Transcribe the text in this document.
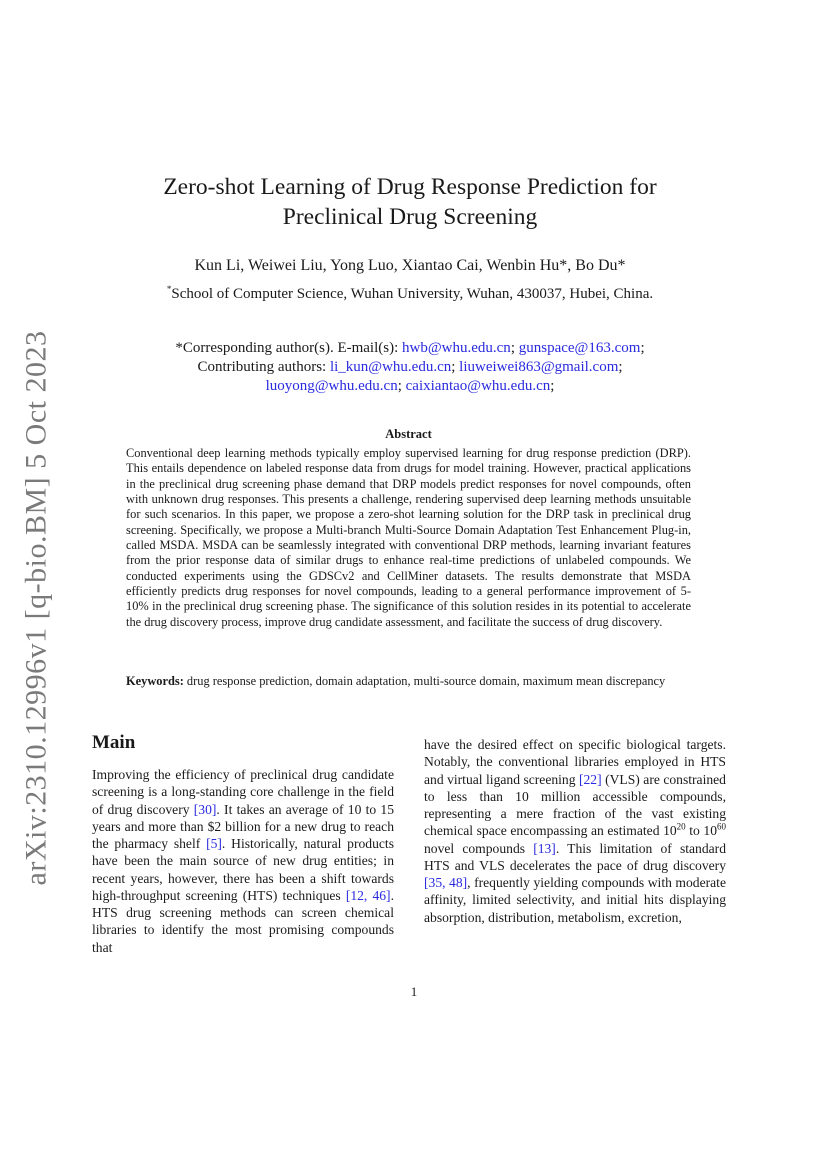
arXiv:2310.12996v1 [q-bio.BM] 5 Oct 2023
Zero-shot Learning of Drug Response Prediction for
Preclinical Drug Screening
Kun Li, Weiwei Liu, Yong Luo, Xiantao Cai, Wenbin Hu*, Bo Du*
*School of Computer Science, Wuhan University, Wuhan, 430037, Hubei, China.
*Corresponding author(s). E-mail(s): hwb@whu.edu.cn; gunspace@163.com;
Contributing authors: li_kun@whu.edu.cn; liuweiwei863@gmail.com;
luoyong@whu.edu.cn; caixiantao@whu.edu.cn;
Abstract
Conventional deep learning methods typically employ supervised learning for drug response prediction (DRP). This entails dependence on labeled response data from drugs for model training. However, practical applications in the preclinical drug screening phase demand that DRP models predict responses for novel compounds, often with unknown drug responses. This presents a challenge, rendering supervised deep learning methods unsuitable for such scenarios. In this paper, we propose a zero-shot learning solution for the DRP task in preclinical drug screening. Specifically, we propose a Multi-branch Multi-Source Domain Adaptation Test Enhancement Plug-in, called MSDA. MSDA can be seamlessly integrated with conventional DRP methods, learning invariant features from the prior response data of similar drugs to enhance real-time predictions of unlabeled compounds. We conducted experiments using the GDSCv2 and CellMiner datasets. The results demonstrate that MSDA efficiently predicts drug responses for novel compounds, leading to a general performance improvement of 5-10% in the preclinical drug screening phase. The significance of this solution resides in its potential to accelerate the drug discovery process, improve drug candidate assessment, and facilitate the success of drug discovery.
Keywords: drug response prediction, domain adaptation, multi-source domain, maximum mean discrepancy
Main
Improving the efficiency of preclinical drug candidate screening is a long-standing core challenge in the field of drug discovery [30]. It takes an average of 10 to 15 years and more than $2 billion for a new drug to reach the pharmacy shelf [5]. Historically, natural products have been the main source of new drug entities; in recent years, however, there has been a shift towards high-throughput screening (HTS) techniques [12, 46]. HTS drug screening methods can screen chemical libraries to identify the most promising compounds that
have the desired effect on specific biological targets. Notably, the conventional libraries employed in HTS and virtual ligand screening [22] (VLS) are constrained to less than 10 million accessible compounds, representing a mere fraction of the vast existing chemical space encompassing an estimated $10^{20}$ to $10^{60}$ novel compounds [13]. This limitation of standard HTS and VLS decelerates the pace of drug discovery [35, 48], frequently yielding compounds with moderate affinity, limited selectivity, and initial hits displaying absorption, distribution, metabolism, excretion,
1
